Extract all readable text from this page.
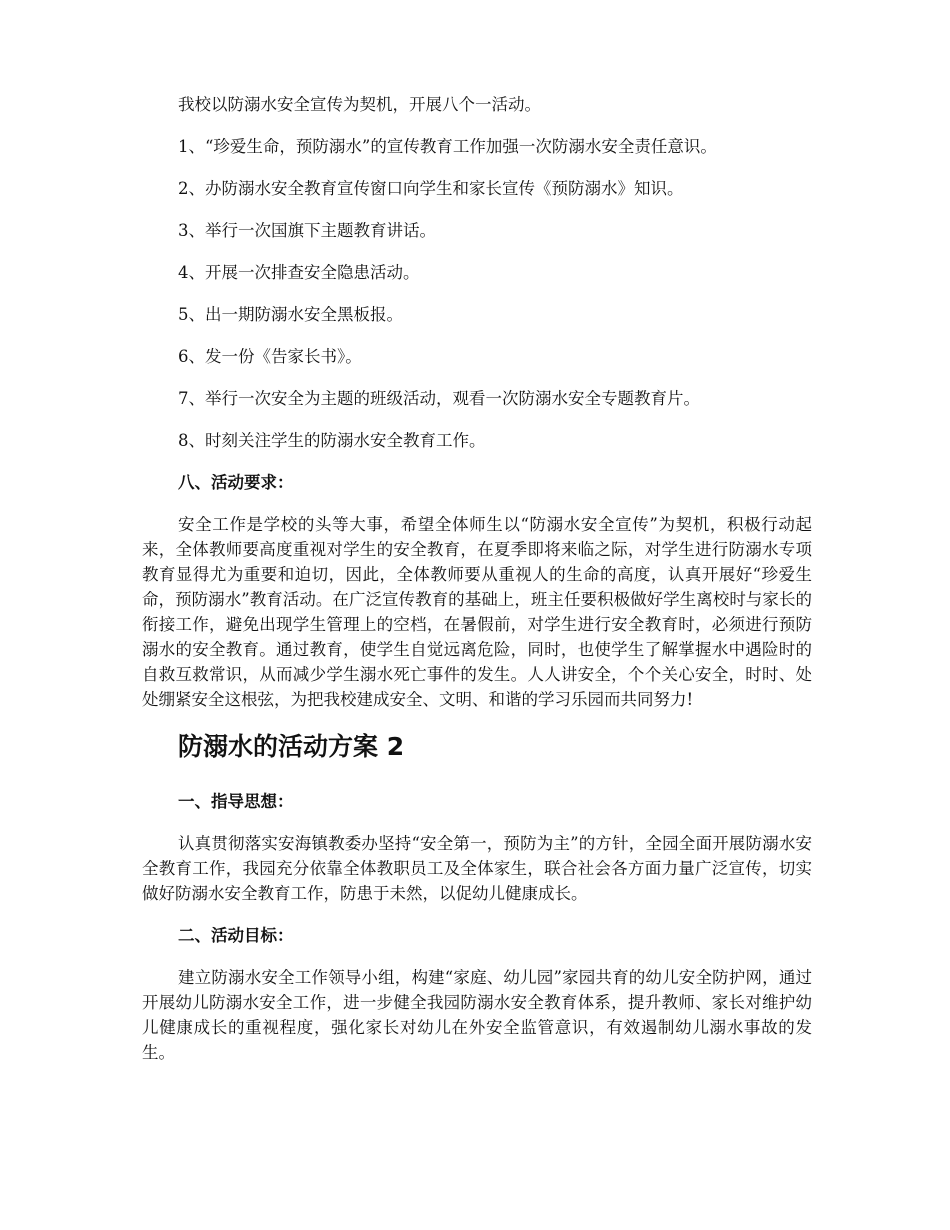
我校以防溺水安全宣传为契机，开展八个一活动。

1、“珍爱生命，预防溺水”的宣传教育工作加强一次防溺水安全责任意识。

2、办防溺水安全教育宣传窗口向学生和家长宣传《预防溺水》知识。

3、举行一次国旗下主题教育讲话。

4、开展一次排查安全隐患活动。

5、出一期防溺水安全黑板报。

6、发一份《告家长书》。

7、举行一次安全为主题的班级活动，观看一次防溺水安全专题教育片。

8、时刻关注学生的防溺水安全教育工作。

八、活动要求：

安全工作是学校的头等大事，希望全体师生以“防溺水安全宣传”为契机，积极行动起来，全体教师要高度重视对学生的安全教育，在夏季即将来临之际，对学生进行防溺水专项教育显得尤为重要和迫切，因此，全体教师要从重视人的生命的高度，认真开展好“珍爱生命，预防溺水”教育活动。在广泛宣传教育的基础上，班主任要积极做好学生离校时与家长的衔接工作，避免出现学生管理上的空档，在暑假前，对学生进行安全教育时，必须进行预防溺水的安全教育。通过教育，使学生自觉远离危险，同时，也使学生了解掌握水中遇险时的自救互救常识，从而减少学生溺水死亡事件的发生。人人讲安全，个个关心安全，时时、处处绷紧安全这根弦，为把我校建成安全、文明、和谐的学习乐园而共同努力!

防溺水的活动方案 2

一、指导思想：

认真贯彻落实安海镇教委办坚持“安全第一，预防为主”的方针，全园全面开展防溺水安全教育工作，我园充分依靠全体教职员工及全体家生，联合社会各方面力量广泛宣传，切实做好防溺水安全教育工作，防患于未然，以促幼儿健康成长。

二、活动目标：

建立防溺水安全工作领导小组，构建“家庭、幼儿园”家园共育的幼儿安全防护网，通过开展幼儿防溺水安全工作，进一步健全我园防溺水安全教育体系，提升教师、家长对维护幼儿健康成长的重视程度，强化家长对幼儿在外安全监管意识，有效遏制幼儿溺水事故的发生。
